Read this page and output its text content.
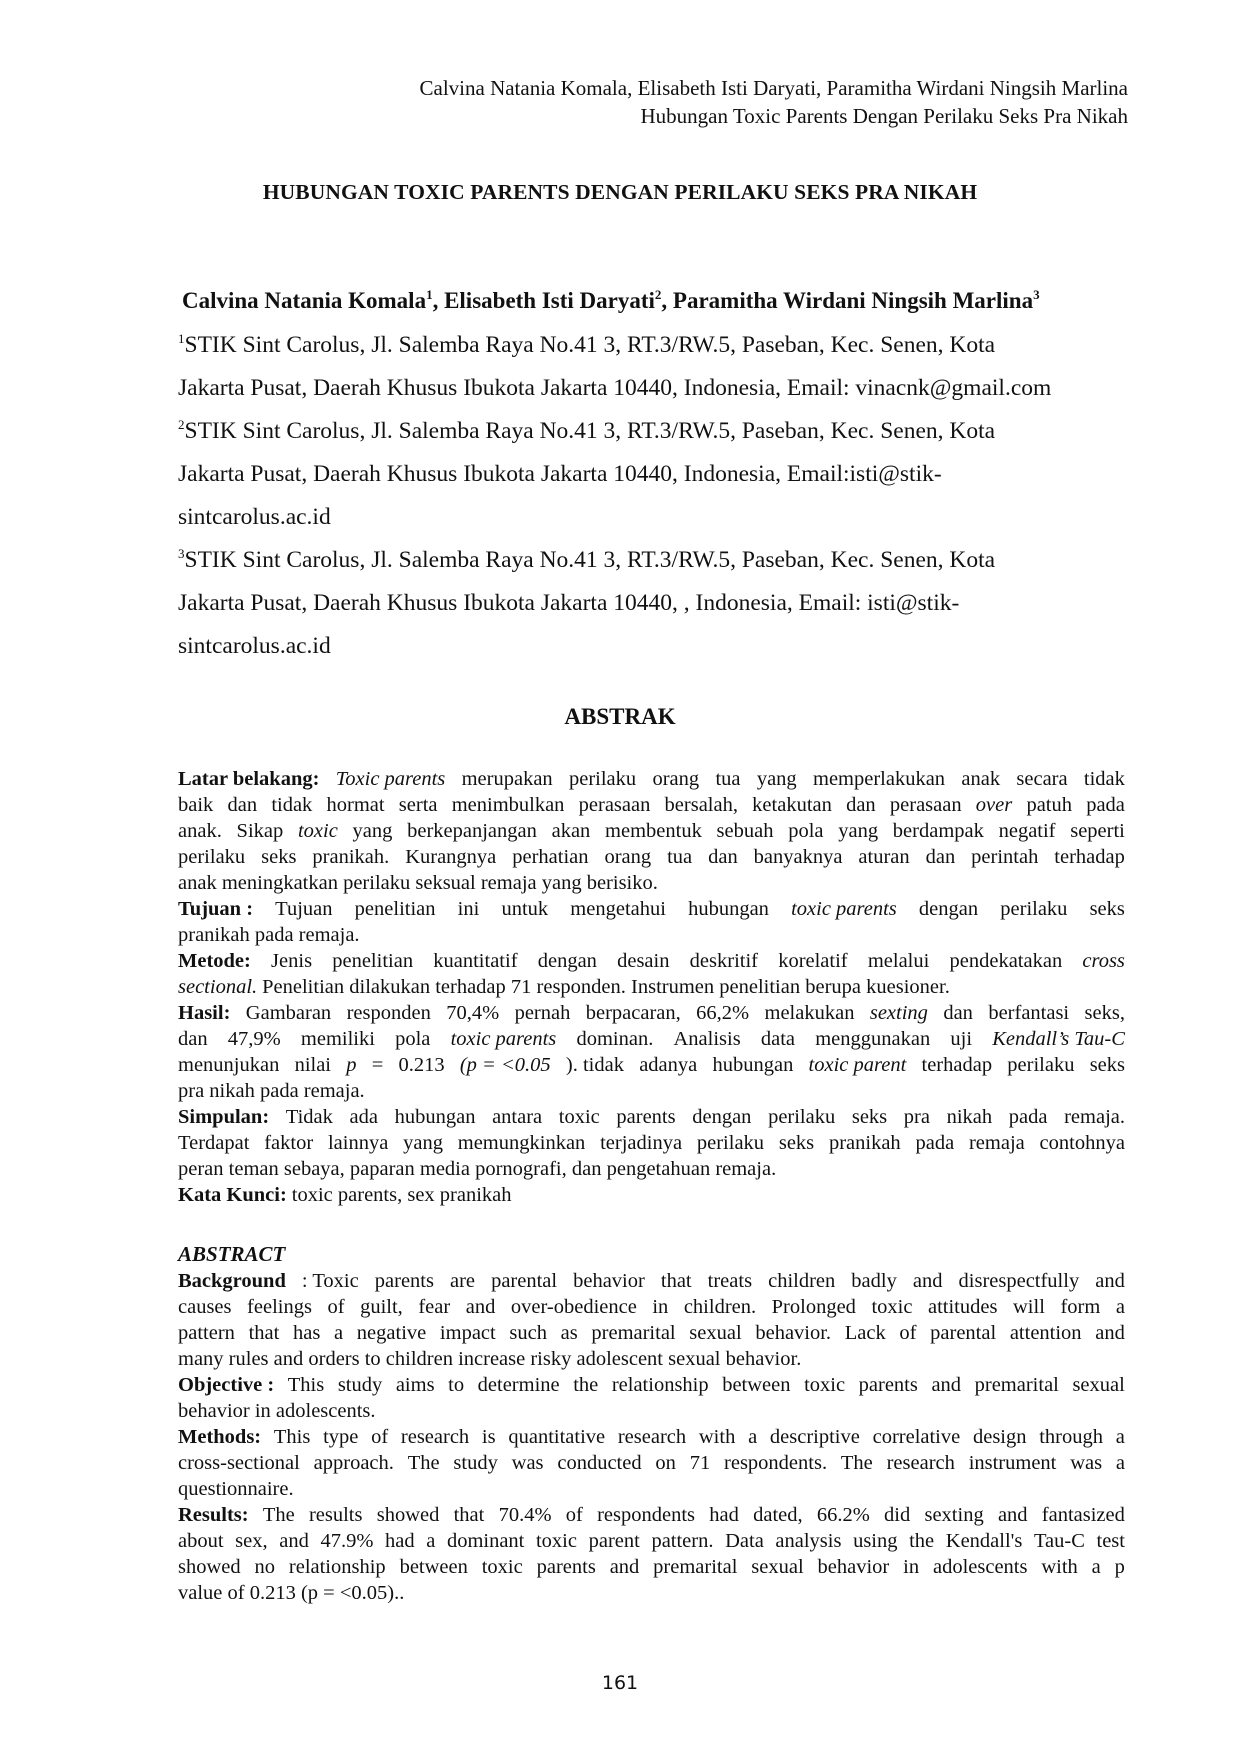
Calvina Natania Komala, Elisabeth Isti Daryati, Paramitha Wirdani Ningsih Marlina
Hubungan Toxic Parents Dengan Perilaku Seks Pra Nikah
HUBUNGAN TOXIC PARENTS DENGAN PERILAKU SEKS PRA NIKAH
Calvina Natania Komala$^1$, Elisabeth Isti Daryati$^2$, Paramitha Wirdani Ningsih Marlina$^3$
$^1$STIK Sint Carolus, Jl. Salemba Raya No.41 3, RT.3/RW.5, Paseban, Kec. Senen, Kota
Jakarta Pusat, Daerah Khusus Ibukota Jakarta 10440, Indonesia, Email: vinacnk@gmail.com
$^2$STIK Sint Carolus, Jl. Salemba Raya No.41 3, RT.3/RW.5, Paseban, Kec. Senen, Kota
Jakarta Pusat, Daerah Khusus Ibukota Jakarta 10440, Indonesia, Email:isti@stik-
sintcarolus.ac.id
$^3$STIK Sint Carolus, Jl. Salemba Raya No.41 3, RT.3/RW.5, Paseban, Kec. Senen, Kota
Jakarta Pusat, Daerah Khusus Ibukota Jakarta 10440, , Indonesia, Email: isti@stik-
sintcarolus.ac.id
ABSTRAK
Latar belakang: Toxic parents merupakan perilaku orang tua yang memperlakukan anak secara tidak
baik dan tidak hormat serta menimbulkan perasaan bersalah, ketakutan dan perasaan over patuh pada
anak. Sikap toxic yang berkepanjangan akan membentuk sebuah pola yang berdampak negatif seperti
perilaku seks pranikah. Kurangnya perhatian orang tua dan banyaknya aturan dan perintah terhadap
anak meningkatkan perilaku seksual remaja yang berisiko.
Tujuan : Tujuan penelitian ini untuk mengetahui hubungan toxic parents dengan perilaku seks
pranikah pada remaja.
Metode: Jenis penelitian kuantitatif dengan desain deskritif korelatif melalui pendekatakan cross
sectional. Penelitian dilakukan terhadap 71 responden. Instrumen penelitian berupa kuesioner.
Hasil: Gambaran responden 70,4% pernah berpacaran, 66,2% melakukan sexting dan berfantasi seks,
dan 47,9% memiliki pola toxic parents dominan. Analisis data menggunakan uji Kendall’s Tau-C
menunjukan nilai p = 0.213 (p = <0.05 ). tidak adanya hubungan toxic parent terhadap perilaku seks
pra nikah pada remaja.
Simpulan: Tidak ada hubungan antara toxic parents dengan perilaku seks pra nikah pada remaja.
Terdapat faktor lainnya yang memungkinkan terjadinya perilaku seks pranikah pada remaja contohnya
peran teman sebaya, paparan media pornografi, dan pengetahuan remaja.
Kata Kunci: toxic parents, sex pranikah
ABSTRACT
Background : Toxic parents are parental behavior that treats children badly and disrespectfully and
causes feelings of guilt, fear and over-obedience in children. Prolonged toxic attitudes will form a
pattern that has a negative impact such as premarital sexual behavior. Lack of parental attention and
many rules and orders to children increase risky adolescent sexual behavior.
Objective : This study aims to determine the relationship between toxic parents and premarital sexual
behavior in adolescents.
Methods: This type of research is quantitative research with a descriptive correlative design through a
cross-sectional approach. The study was conducted on 71 respondents. The research instrument was a
questionnaire.
Results: The results showed that 70.4% of respondents had dated, 66.2% did sexting and fantasized
about sex, and 47.9% had a dominant toxic parent pattern. Data analysis using the Kendall's Tau-C test
showed no relationship between toxic parents and premarital sexual behavior in adolescents with a p
value of 0.213 (p = <0.05)..
161
